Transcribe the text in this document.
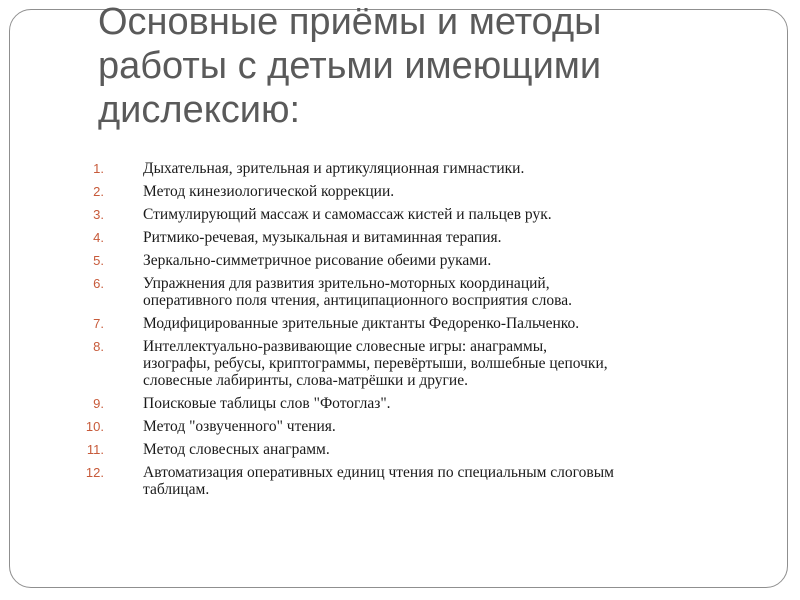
Основные приёмы и методы
работы с детьми имеющими
дислексию:
1.	Дыхательная, зрительная и артикуляционная гимнастики.
2.	Метод кинезиологической коррекции.
3.	Стимулирующий массаж и самомассаж кистей и пальцев рук.
4.	Ритмико-речевая, музыкальная и витаминная терапия.
5.	Зеркально-симметричное рисование обеими руками.
6.	Упражнения для развития зрительно-моторных координаций,
оперативного поля чтения, антиципационного восприятия слова.
7.	Модифицированные зрительные диктанты Федоренко-Пальченко.
8.	Интеллектуально-развивающие словесные игры: анаграммы,
изографы, ребусы, криптограммы, перевёртыши, волшебные цепочки,
словесные лабиринты, слова-матрёшки и другие.
9.	Поисковые таблицы слов "Фотоглаз".
10.	Метод "озвученного" чтения.
11.	Метод словесных анаграмм.
12.	Автоматизация оперативных единиц чтения по специальным слоговым
таблицам.
